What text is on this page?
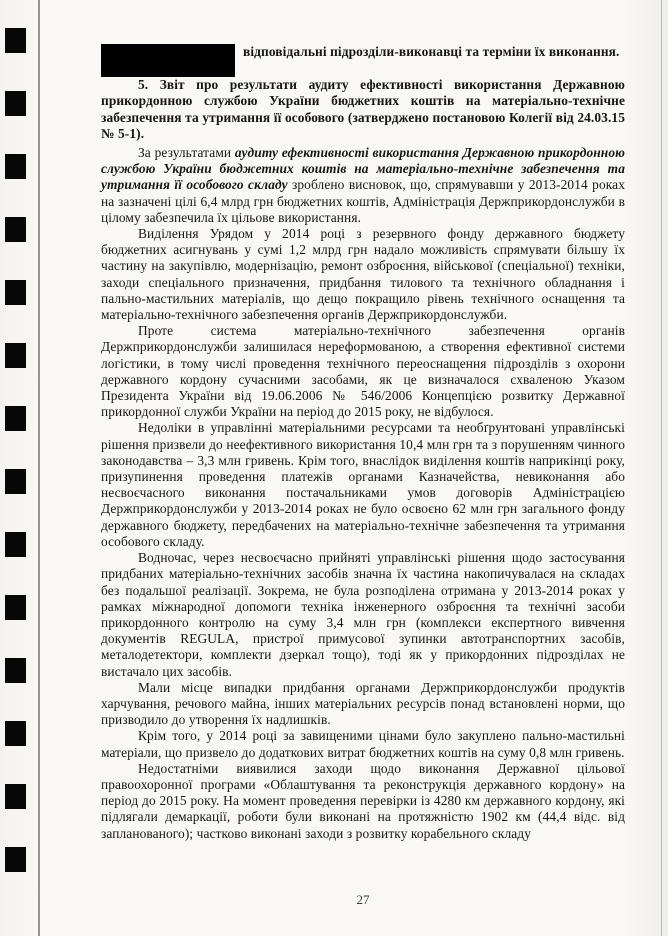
відповідальні підрозділи-виконавці та терміни їх виконання.

5. Звіт про результати аудиту ефективності використання Державною прикордонною службою України бюджетних коштів на матеріально-технічне забезпечення та утримання її особового (затверджено постановою Колегії від 24.03.15 № 5-1).

За результатами аудиту ефективності використання Державною прикордонною службою України бюджетних коштів на матеріально-технічне забезпечення та утримання її особового складу зроблено висновок, що, спрямувавши у 2013-2014 роках на зазначені цілі 6,4 млрд грн бюджетних коштів, Адміністрація Держприкордонслужби в цілому забезпечила їх цільове використання.

Виділення Урядом у 2014 році з резервного фонду державного бюджету бюджетних асигнувань у сумі 1,2 млрд грн надало можливість спрямувати більшу їх частину на закупівлю, модернізацію, ремонт озброєння, військової (спеціальної) техніки, заходи спеціального призначення, придбання тилового та технічного обладнання і пально-мастильних матеріалів, що дещо покращило рівень технічного оснащення та матеріально-технічного забезпечення органів Держприкордонслужби.

Проте система матеріально-технічного забезпечення органів Держприкордонслужби залишилася нереформованою, а створення ефективної системи логістики, в тому числі проведення технічного переоснащення підрозділів з охорони державного кордону сучасними засобами, як це визначалося схваленою Указом Президента України від 19.06.2006 № 546/2006 Концепцією розвитку Державної прикордонної служби України на період до 2015 року, не відбулося.

Недоліки в управлінні матеріальними ресурсами та необґрунтовані управлінські рішення призвели до неефективного використання 10,4 млн грн та з порушенням чинного законодавства – 3,3 млн гривень. Крім того, внаслідок виділення коштів наприкінці року, призупинення проведення платежів органами Казначейства, невиконання або несвоєчасного виконання постачальниками умов договорів Адміністрацією Держприкордонслужби у 2013-2014 роках не було освоєно 62 млн грн загального фонду державного бюджету, передбачених на матеріально-технічне забезпечення та утримання особового складу.

Водночас, через несвоєчасно прийняті управлінські рішення щодо застосування придбаних матеріально-технічних засобів значна їх частина накопичувалася на складах без подальшої реалізації. Зокрема, не була розподілена отримана у 2013-2014 роках у рамках міжнародної допомоги техніка інженерного озброєння та технічні засоби прикордонного контролю на суму 3,4 млн грн (комплекси експертного вивчення документів REGULA, пристрої примусової зупинки автотранспортних засобів, металодетектори, комплекти дзеркал тощо), тоді як у прикордонних підрозділах не вистачало цих засобів.

Мали місце випадки придбання органами Держприкордонслужби продуктів харчування, речового майна, інших матеріальних ресурсів понад встановлені норми, що призводило до утворення їх надлишків.

Крім того, у 2014 році за завищеними цінами було закуплено пально-мастильні матеріали, що призвело до додаткових витрат бюджетних коштів на суму 0,8 млн гривень.

Недостатніми виявилися заходи щодо виконання Державної цільової правоохоронної програми «Облаштування та реконструкція державного кордону» на період до 2015 року. На момент проведення перевірки із 4280 км державного кордону, які підлягали демаркації, роботи були виконані на протяжністю 1902 км (44,4 відс. від запланованого); частково виконані заходи з розвитку корабельного складу

27
